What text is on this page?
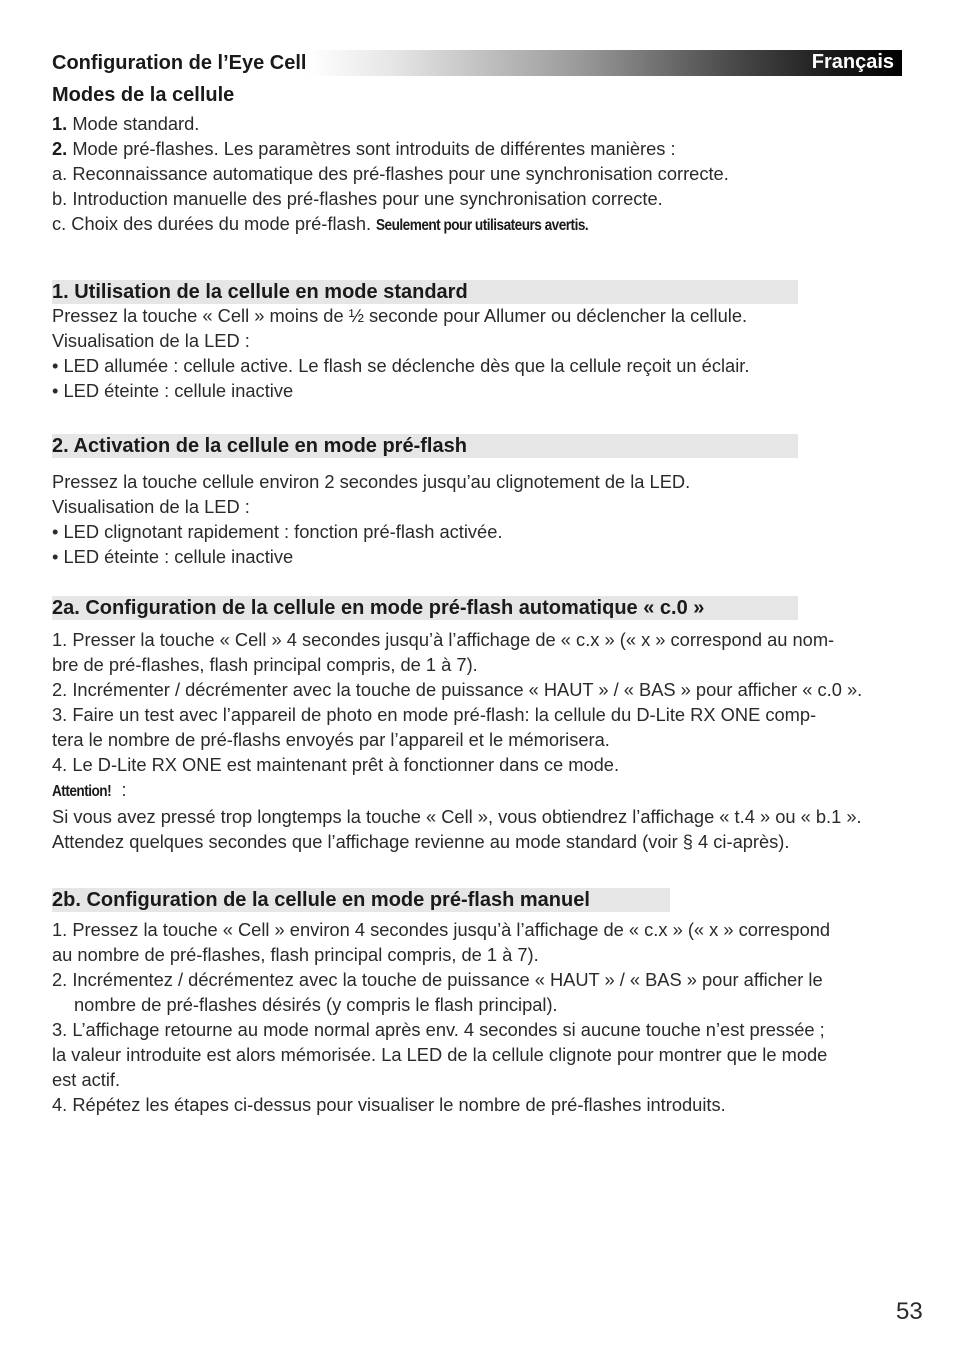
Configuration de l’Eye Cell	Français
Modes de la cellule

1. Mode standard.

2. Mode pré-flashes. Les paramètres sont introduits de différentes manières :

a. Reconnaissance automatique des pré-flashes pour une synchronisation correcte.

b. Introduction manuelle des pré-flashes pour une synchronisation correcte.

c. Choix des durées du mode pré-flash. Seulement pour utilisateurs avertis.

1. Utilisation de la cellule en mode standard

Pressez la touche « Cell » moins de ½ seconde pour Allumer ou déclencher la cellule.

Visualisation de la LED :

• LED allumée : cellule active. Le flash se déclenche dès que la cellule reçoit un éclair.

• LED éteinte : cellule inactive

2. Activation de la cellule en mode pré-flash

Pressez la touche cellule environ 2 secondes jusqu’au clignotement de la LED.

Visualisation de la LED :

• LED clignotant rapidement : fonction pré-flash activée.

• LED éteinte : cellule inactive

2a. Configuration de la cellule en mode pré-flash automatique « c.0 »

1. Presser la touche « Cell » 4 secondes jusqu’à l’affichage de « c.x » (« x » correspond au nom-

bre de pré-flashes, flash principal compris, de 1 à 7).

2. Incrémenter / décrémenter avec la touche de puissance « HAUT » / « BAS » pour afficher « c.0 ».

3. Faire un test avec l’appareil de photo en mode pré-flash: la cellule du D-Lite RX ONE comp-

tera le nombre de pré-flashs envoyés par l’appareil et le mémorisera.

4. Le D-Lite RX ONE est maintenant prêt à fonctionner dans ce mode.

Attention! :

Si vous avez pressé trop longtemps la touche « Cell », vous obtiendrez l’affichage « t.4 » ou « b.1 ».

Attendez quelques secondes que l’affichage revienne au mode standard (voir § 4 ci-après).

2b. Configuration de la cellule en mode pré-flash manuel

1. Pressez la touche « Cell » environ 4 secondes jusqu’à l’affichage de « c.x » (« x » correspond

au nombre de pré-flashes, flash principal compris, de 1 à 7).

2. Incrémentez / décrémentez avec la touche de puissance « HAUT » / « BAS » pour afficher le

nombre de pré-flashes désirés (y compris le flash principal).

3. L’affichage retourne au mode normal après env. 4 secondes si aucune touche n’est pressée ;

la valeur introduite est alors mémorisée. La LED de la cellule clignote pour montrer que le mode

est actif.

4. Répétez les étapes ci-dessus pour visualiser le nombre de pré-flashes introduits.

53
